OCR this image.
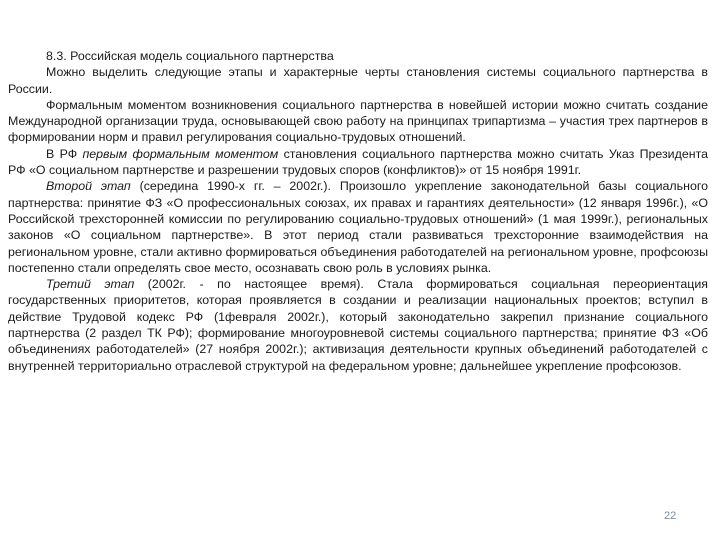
8.3. Российская модель социального партнерства

Можно выделить следующие этапы и характерные черты становления системы социального партнерства в России.

Формальным моментом возникновения социального партнерства в новейшей истории можно считать создание Международной организации труда, основывающей свою работу на принципах трипартизма – участия трех партнеров в формировании норм и правил регулирования социально-трудовых отношений.

В РФ первым формальным моментом становления социального партнерства можно считать Указ Президента РФ «О социальном партнерстве и разрешении трудовых споров (конфликтов)» от 15 ноября 1991г.

Второй этап (середина 1990-х гг. – 2002г.). Произошло укрепление законодательной базы социального партнерства: принятие ФЗ «О профессиональных союзах, их правах и гарантиях деятельности» (12 января 1996г.), «О Российской трехсторонней комиссии по регулированию социально-трудовых отношений» (1 мая 1999г.), региональных законов «О социальном партнерстве». В этот период стали развиваться трехсторонние взаимодействия на региональном уровне, стали активно формироваться объединения работодателей на региональном уровне, профсоюзы постепенно стали определять свое место, осознавать свою роль в условиях рынка.

Третий этап (2002г. - по настоящее время). Стала формироваться социальная переориентация государственных приоритетов, которая проявляется в создании и реализации национальных проектов; вступил в действие Трудовой кодекс РФ (1февраля 2002г.), который законодательно закрепил признание социального партнерства (2 раздел ТК РФ); формирование многоуровневой системы социального партнерства; принятие ФЗ «Об объединениях работодателей» (27 ноября 2002г.); активизация деятельности крупных объединений работодателей с внутренней территориально отраслевой структурой на федеральном уровне; дальнейшее укрепление профсоюзов.

22
